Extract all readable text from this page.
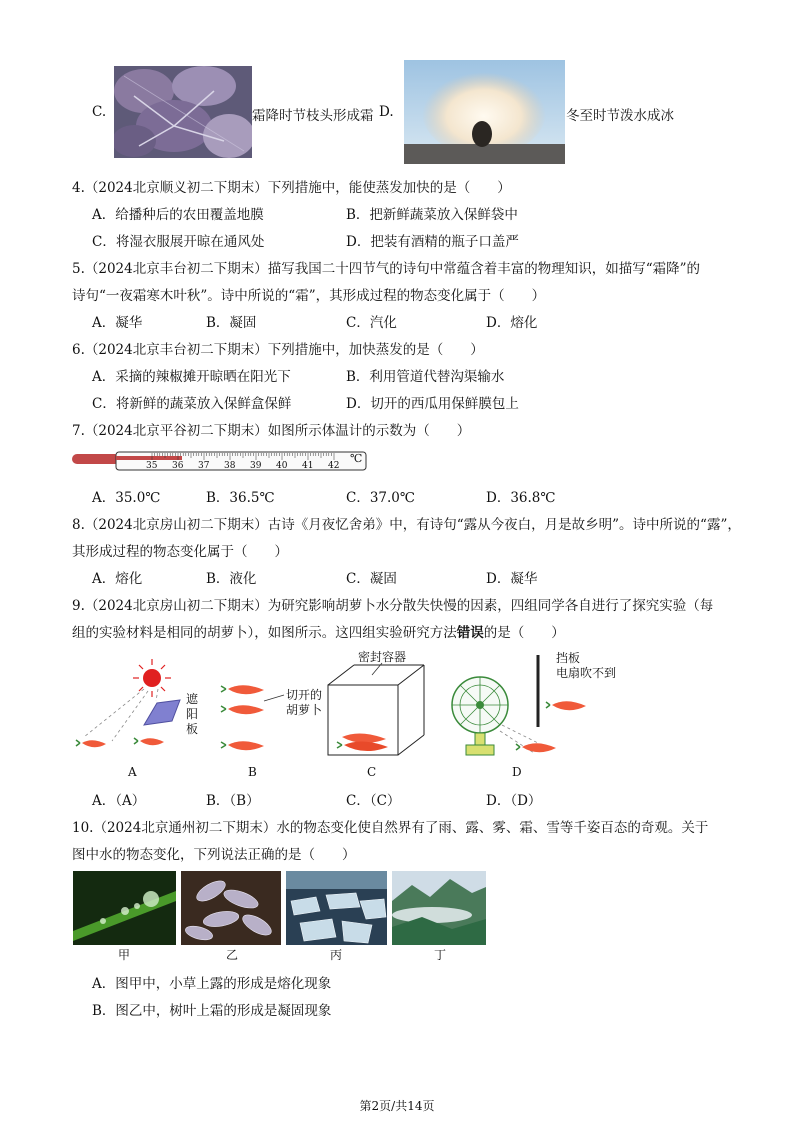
C.	霜降时节枝头形成霜 D.	冬至时节泼水成冰
4.（2024北京顺义初二下期末）下列措施中，能使蒸发加快的是（　　）
A．给播种后的农田覆盖地膜	B．把新鲜蔬菜放入保鲜袋中
C．将湿衣服展开晾在通风处	D．把装有酒精的瓶子口盖严
5.（2024北京丰台初二下期末）描写我国二十四节气的诗句中常蕴含着丰富的物理知识，如描写“霜降”的
诗句“一夜霜寒木叶秋”。诗中所说的“霜”，其形成过程的物态变化属于（　　）
A．凝华	B．凝固	C．汽化	D．熔化
6.（2024北京丰台初二下期末）下列措施中，加快蒸发的是（　　）
A．采摘的辣椒摊开晾晒在阳光下	B．利用管道代替沟渠输水
C．将新鲜的蔬菜放入保鲜盒保鲜	D．切开的西瓜用保鲜膜包上
7.（2024北京平谷初二下期末）如图所示体温计的示数为（　　）
℃
35 36 37 38 39 40 41 42
A．35.0℃	B．36.5℃	C．37.0℃	D．36.8℃
8.（2024北京房山初二下期末）古诗《月夜忆舍弟》中，有诗句“露从今夜白，月是故乡明”。诗中所说的“露”，
其形成过程的物态变化属于（　　）
A．熔化	B．液化	C．凝固	D．凝华
9.（2024北京房山初二下期末）为研究影响胡萝卜水分散失快慢的因素，四组同学各自进行了探究实验（每
组的实验材料是相同的胡萝卜），如图所示。这四组实验研究方法错误的是（　　）
遮
阳
板
切开的
胡萝卜
密封容器	挡板
电扇吹不到
A	B	C	D
A．（A）	B．（B）	C．（C）	D．（D）
10.（2024北京通州初二下期末）水的物态变化使自然界有了雨、露、雾、霜、雪等千姿百态的奇观。关于
图中水的物态变化，下列说法正确的是（　　）
甲	乙	丙	丁
A．图甲中，小草上露的形成是熔化现象
B．图乙中，树叶上霜的形成是凝固现象
第2页/共14页
